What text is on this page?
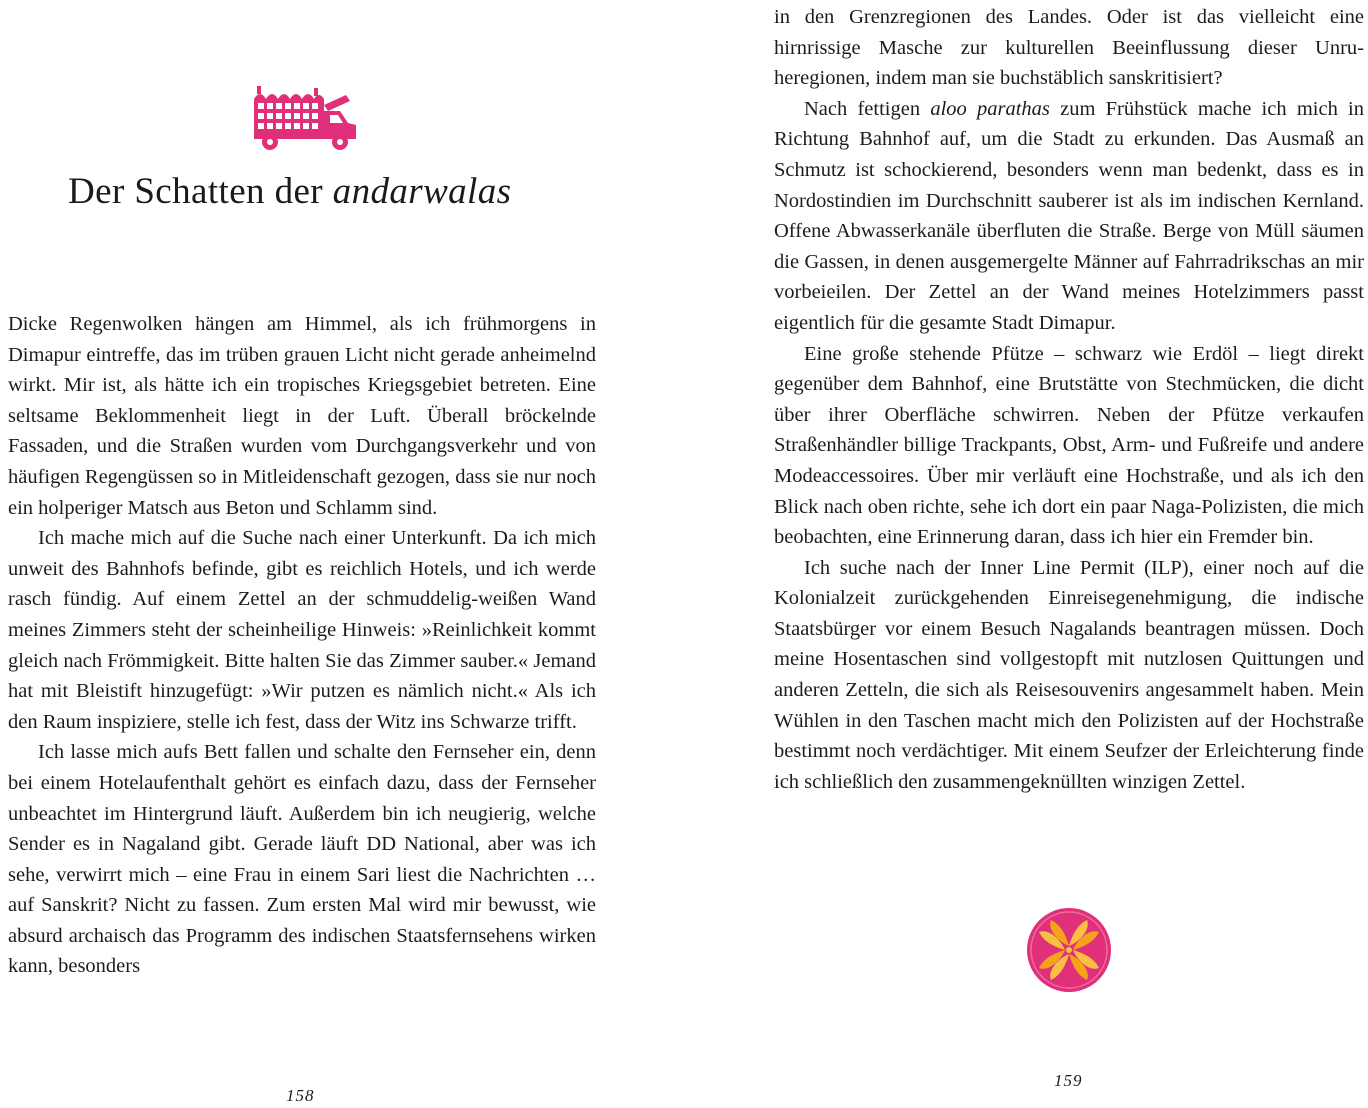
Der Schatten der andarwalas

Dicke Regenwolken hängen am Himmel, als ich frühmorgens in Dimapur eintreffe, das im trüben grauen Licht nicht gerade anheimelnd wirkt. Mir ist, als hätte ich ein tropisches Kriegsgebiet betreten. Eine seltsame Beklommenheit liegt in der Luft. Überall bröckelnde Fassaden, und die Straßen wurden vom Durchgangsverkehr und von häufigen Regengüssen so in Mitleidenschaft gezogen, dass sie nur noch ein holperiger Matsch aus Beton und Schlamm sind.

Ich mache mich auf die Suche nach einer Unterkunft. Da ich mich unweit des Bahnhofs befinde, gibt es reichlich Hotels, und ich werde rasch fündig. Auf einem Zettel an der schmuddelig-weißen Wand meines Zimmers steht der scheinheilige Hinweis: »Reinlichkeit kommt gleich nach Frömmigkeit. Bitte halten Sie das Zimmer sauber.« Jemand hat mit Bleistift hinzugefügt: »Wir putzen es nämlich nicht.« Als ich den Raum inspiziere, stelle ich fest, dass der Witz ins Schwarze trifft.

Ich lasse mich aufs Bett fallen und schalte den Fernseher ein, denn bei einem Hotelaufenthalt gehört es einfach dazu, dass der Fernseher unbeachtet im Hintergrund läuft. Außerdem bin ich neugierig, welche Sender es in Nagaland gibt. Gerade läuft DD National, aber was ich sehe, verwirrt mich – eine Frau in einem Sari liest die Nachrichten … auf Sanskrit? Nicht zu fassen. Zum ersten Mal wird mir bewusst, wie absurd archaisch das Programm des indischen Staatsfernsehens wirken kann, besonders

158

in den Grenzregionen des Landes. Oder ist das vielleicht eine hirnrissige Masche zur kulturellen Beeinflussung dieser Unruheregionen, indem man sie buchstäblich sanskritisiert?

Nach fettigen aloo parathas zum Frühstück mache ich mich in Richtung Bahnhof auf, um die Stadt zu erkunden. Das Ausmaß an Schmutz ist schockierend, besonders wenn man bedenkt, dass es in Nordostindien im Durchschnitt sauberer ist als im indischen Kernland. Offene Abwasserkanäle überfluten die Straße. Berge von Müll säumen die Gassen, in denen ausgemergelte Männer auf Fahrradrikschas an mir vorbeieilen. Der Zettel an der Wand meines Hotelzimmers passt eigentlich für die gesamte Stadt Dimapur.

Eine große stehende Pfütze – schwarz wie Erdöl – liegt direkt gegenüber dem Bahnhof, eine Brutstätte von Stechmücken, die dicht über ihrer Oberfläche schwirren. Neben der Pfütze verkaufen Straßenhändler billige Trackpants, Obst, Arm- und Fußreife und andere Modeaccessoires. Über mir verläuft eine Hochstraße, und als ich den Blick nach oben richte, sehe ich dort ein paar Naga-Polizisten, die mich beobachten, eine Erinnerung daran, dass ich hier ein Fremder bin.

Ich suche nach der Inner Line Permit (ILP), einer noch auf die Kolonialzeit zurückgehenden Einreisegenehmigung, die indische Staatsbürger vor einem Besuch Nagalands beantragen müssen. Doch meine Hosentaschen sind vollgestopft mit nutzlosen Quittungen und anderen Zetteln, die sich als Reisesouvenirs angesammelt haben. Mein Wühlen in den Taschen macht mich den Polizisten auf der Hochstraße bestimmt noch verdächtiger. Mit einem Seufzer der Erleichterung finde ich schließlich den zusammengeknüllten winzigen Zettel.

159
